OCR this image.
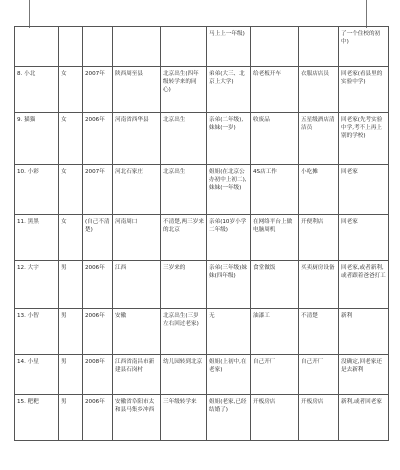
					马上上一年级)			了一个住校的初中)
8. 小北	女	2007年	陕西周至县	北京出生(四年级转学来的同心)	弟弟(大三、北京上大学)	给老板开车	衣服店店员	回老家(看县里的实验中学)
9. 猫猫	女	2006年	河南省西华县	北京出生	亲弟(二年级),妹妹(一岁)	收废品	五星级酒店清洁员	回老家(先考实验中学,考不上再上别的学校)
10. 小彩	女	2007年	河北石家庄	北京出生	姐姐(在北京公办初中上初二),妹妹(一年级)	4S店工作	小吃摊	回老家
11. 黑黑	女	(自己不清楚)	河南周口	不清楚,两三岁来的北京	亲弟(10岁小学二年级)	在网络平台上做电脑周机	开便利店	回老家
12. 大宇	男	2006年	江西	三岁来的	亲弟(三年级)妹妹(四年级)	食堂做饭	买卖厨房设备	回老家,或者新利,或者跟着爸爸打工
13. 小智	男	2006年	安徽	北京出生(三岁左右回过老家)	无	油漆工	不清楚	新利
14. 小星	男	2008年	江西省南昌市新建县石岗村	幼儿园转到北京	姐姐(上初中,在老家)	自己开厂	自己开厂	没确定,回老家还是去新利
15. 粑粑	男	2006年	安徽省阜阳市太和县马集乡冲西	三年级转学来	姐姐(老家,已经结婚了)	开板房店	开板房店	新利,或者回老家
